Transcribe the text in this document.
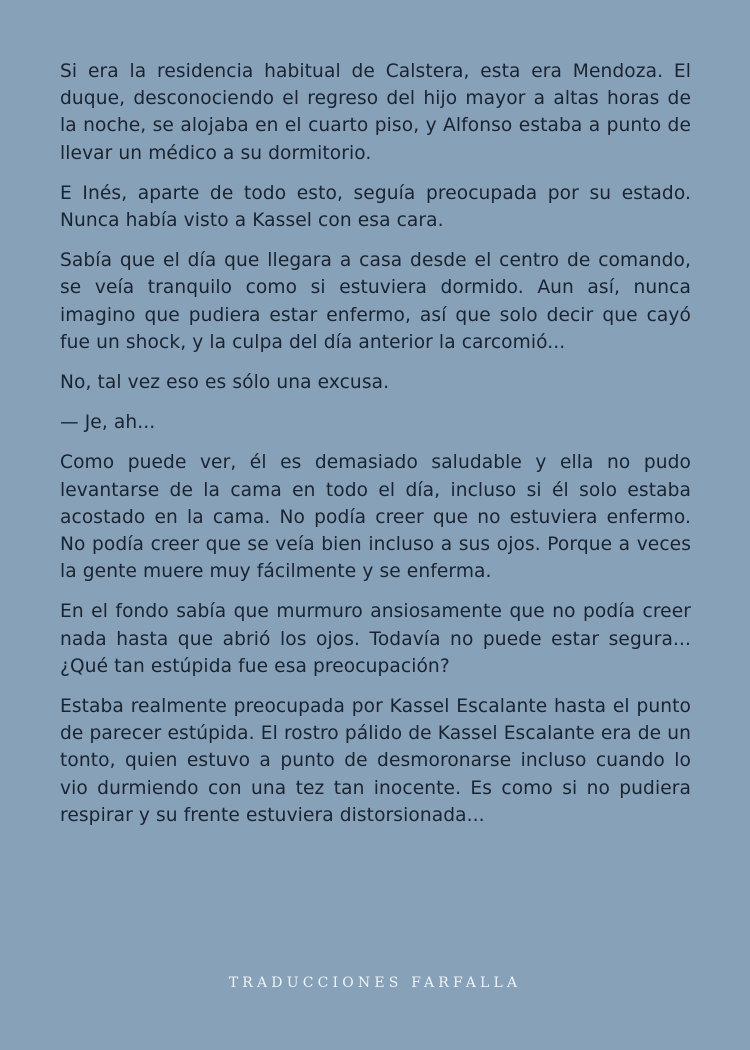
Si era la residencia habitual de Calstera, esta era Mendoza. El duque, desconociendo el regreso del hijo mayor a altas horas de la noche, se alojaba en el cuarto piso, y Alfonso estaba a punto de llevar un médico a su dormitorio.

E Inés, aparte de todo esto, seguía preocupada por su estado. Nunca había visto a Kassel con esa cara.

Sabía que el día que llegara a casa desde el centro de comando, se veía tranquilo como si estuviera dormido. Aun así, nunca imagino que pudiera estar enfermo, así que solo decir que cayó fue un shock, y la culpa del día anterior la carcomió...

No, tal vez eso es sólo una excusa.

— Je, ah...

Como puede ver, él es demasiado saludable y ella no pudo levantarse de la cama en todo el día, incluso si él solo estaba acostado en la cama. No podía creer que no estuviera enfermo. No podía creer que se veía bien incluso a sus ojos. Porque a veces la gente muere muy fácilmente y se enferma.

En el fondo sabía que murmuro ansiosamente que no podía creer nada hasta que abrió los ojos. Todavía no puede estar segura... ¿Qué tan estúpida fue esa preocupación?

Estaba realmente preocupada por Kassel Escalante hasta el punto de parecer estúpida. El rostro pálido de Kassel Escalante era de un tonto, quien estuvo a punto de desmoronarse incluso cuando lo vio durmiendo con una tez tan inocente. Es como si no pudiera respirar y su frente estuviera distorsionada...

TRADUCCIONES FARFALLA
